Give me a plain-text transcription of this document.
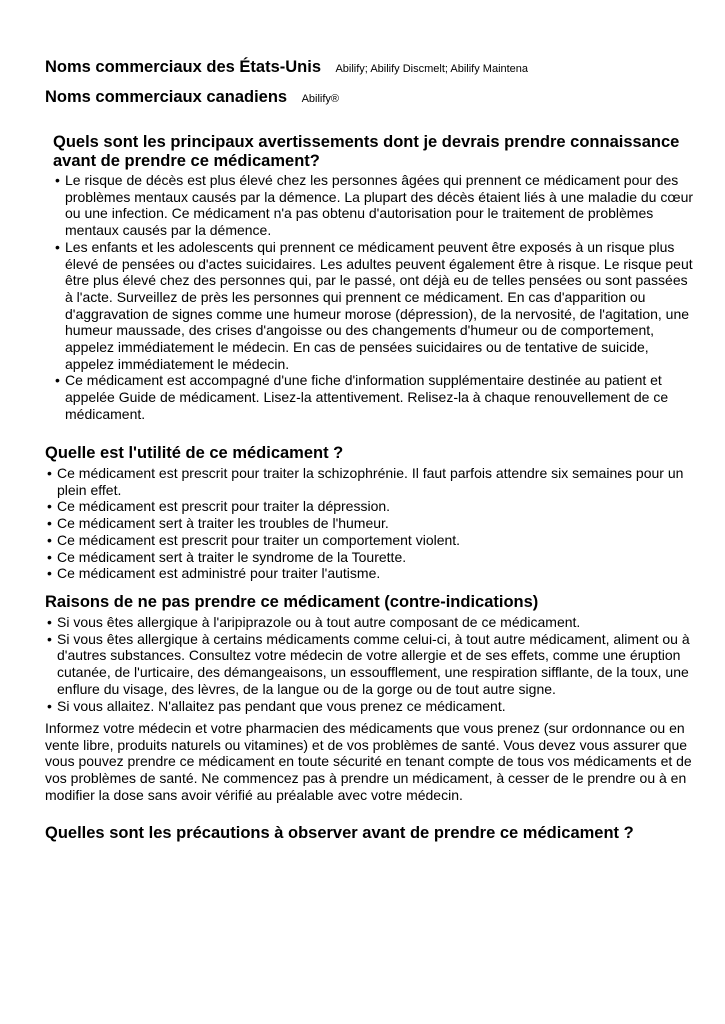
Noms commerciaux des États-Unis Abilify; Abilify Discmelt; Abilify Maintena
Noms commerciaux canadiens Abilify®
Quels sont les principaux avertissements dont je devrais prendre connaissance avant de prendre ce médicament?
• Le risque de décès est plus élevé chez les personnes âgées qui prennent ce médicament pour des problèmes mentaux causés par la démence. La plupart des décès étaient liés à une maladie du cœur ou une infection. Ce médicament n'a pas obtenu d'autorisation pour le traitement de problèmes mentaux causés par la démence.
• Les enfants et les adolescents qui prennent ce médicament peuvent être exposés à un risque plus élevé de pensées ou d'actes suicidaires. Les adultes peuvent également être à risque. Le risque peut être plus élevé chez des personnes qui, par le passé, ont déjà eu de telles pensées ou sont passées à l'acte. Surveillez de près les personnes qui prennent ce médicament. En cas d'apparition ou d'aggravation de signes comme une humeur morose (dépression), de la nervosité, de l'agitation, une humeur maussade, des crises d'angoisse ou des changements d'humeur ou de comportement, appelez immédiatement le médecin. En cas de pensées suicidaires ou de tentative de suicide, appelez immédiatement le médecin.
• Ce médicament est accompagné d'une fiche d'information supplémentaire destinée au patient et appelée Guide de médicament. Lisez-la attentivement. Relisez-la à chaque renouvellement de ce médicament.
Quelle est l'utilité de ce médicament ?
• Ce médicament est prescrit pour traiter la schizophrénie. Il faut parfois attendre six semaines pour un plein effet.
• Ce médicament est prescrit pour traiter la dépression.
• Ce médicament sert à traiter les troubles de l'humeur.
• Ce médicament est prescrit pour traiter un comportement violent.
• Ce médicament sert à traiter le syndrome de la Tourette.
• Ce médicament est administré pour traiter l'autisme.
Raisons de ne pas prendre ce médicament (contre-indications)
• Si vous êtes allergique à l'aripiprazole ou à tout autre composant de ce médicament.
• Si vous êtes allergique à certains médicaments comme celui-ci, à tout autre médicament, aliment ou à d'autres substances. Consultez votre médecin de votre allergie et de ses effets, comme une éruption cutanée, de l'urticaire, des démangeaisons, un essoufflement, une respiration sifflante, de la toux, une enflure du visage, des lèvres, de la langue ou de la gorge ou de tout autre signe.
• Si vous allaitez. N'allaitez pas pendant que vous prenez ce médicament.

Informez votre médecin et votre pharmacien des médicaments que vous prenez (sur ordonnance ou en vente libre, produits naturels ou vitamines) et de vos problèmes de santé. Vous devez vous assurer que vous pouvez prendre ce médicament en toute sécurité en tenant compte de tous vos médicaments et de vos problèmes de santé. Ne commencez pas à prendre un médicament, à cesser de le prendre ou à en modifier la dose sans avoir vérifié au préalable avec votre médecin.

Quelles sont les précautions à observer avant de prendre ce médicament ?
